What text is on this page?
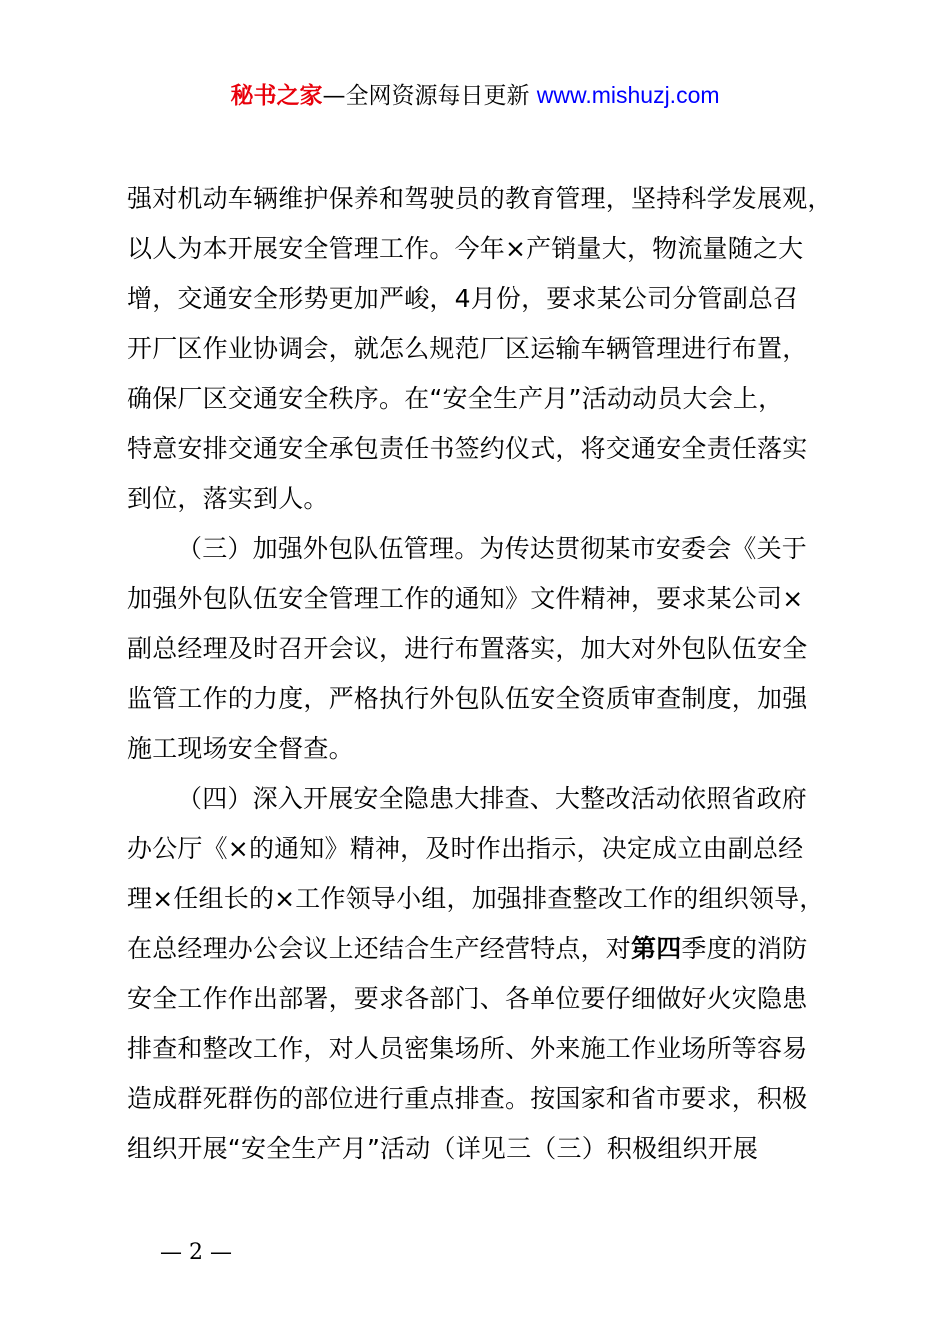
秘书之家—全网资源每日更新 www.mishuzj.com
强对机动车辆维护保养和驾驶员的教育管理，坚持科学发展观，
以人为本开展安全管理工作。今年×产销量大，物流量随之大
增，交通安全形势更加严峻，4月份，要求某公司分管副总召
开厂区作业协调会，就怎么规范厂区运输车辆管理进行布置，
确保厂区交通安全秩序。在“安全生产月”活动动员大会上，
特意安排交通安全承包责任书签约仪式，将交通安全责任落实
到位，落实到人。
（三）加强外包队伍管理。为传达贯彻某市安委会《关于
加强外包队伍安全管理工作的通知》文件精神，要求某公司×
副总经理及时召开会议，进行布置落实，加大对外包队伍安全
监管工作的力度，严格执行外包队伍安全资质审查制度，加强
施工现场安全督查。
（四）深入开展安全隐患大排查、大整改活动依照省政府
办公厅《×的通知》精神，及时作出指示，决定成立由副总经
理×任组长的×工作领导小组，加强排查整改工作的组织领导，
在总经理办公会议上还结合生产经营特点，对第四季度的消防
安全工作作出部署，要求各部门、各单位要仔细做好火灾隐患
排查和整改工作，对人员密集场所、外来施工作业场所等容易
造成群死群伤的部位进行重点排查。按国家和省市要求，积极
组织开展“安全生产月”活动（详见三（三）积极组织开展
— 2 —
